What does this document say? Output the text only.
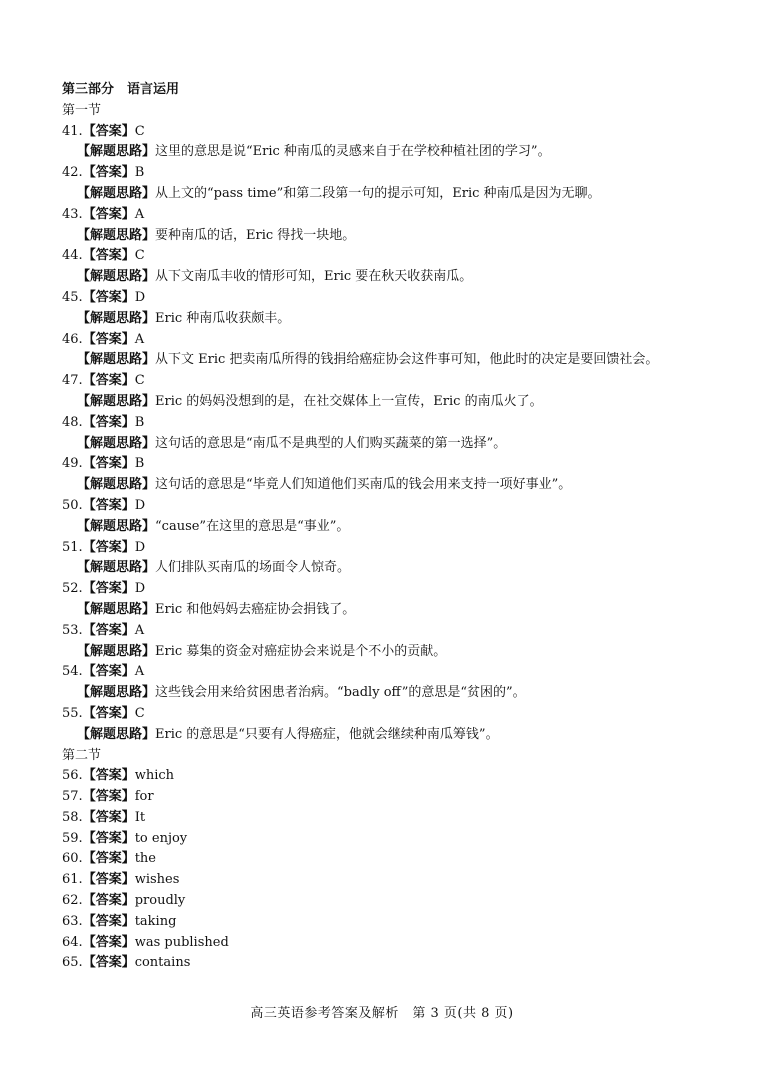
第三部分　语言运用
第一节
41.【答案】C
【解题思路】这里的意思是说“Eric 种南瓜的灵感来自于在学校种植社团的学习”。
42.【答案】B
【解题思路】从上文的“pass time”和第二段第一句的提示可知，Eric 种南瓜是因为无聊。
43.【答案】A
【解题思路】要种南瓜的话，Eric 得找一块地。
44.【答案】C
【解题思路】从下文南瓜丰收的情形可知，Eric 要在秋天收获南瓜。
45.【答案】D
【解题思路】Eric 种南瓜收获颇丰。
46.【答案】A
【解题思路】从下文 Eric 把卖南瓜所得的钱捐给癌症协会这件事可知，他此时的决定是要回馈社会。
47.【答案】C
【解题思路】Eric 的妈妈没想到的是，在社交媒体上一宣传，Eric 的南瓜火了。
48.【答案】B
【解题思路】这句话的意思是“南瓜不是典型的人们购买蔬菜的第一选择”。
49.【答案】B
【解题思路】这句话的意思是“毕竟人们知道他们买南瓜的钱会用来支持一项好事业”。
50.【答案】D
【解题思路】“cause”在这里的意思是“事业”。
51.【答案】D
【解题思路】人们排队买南瓜的场面令人惊奇。
52.【答案】D
【解题思路】Eric 和他妈妈去癌症协会捐钱了。
53.【答案】A
【解题思路】Eric 募集的资金对癌症协会来说是个不小的贡献。
54.【答案】A
【解题思路】这些钱会用来给贫困患者治病。“badly off”的意思是“贫困的”。
55.【答案】C
【解题思路】Eric 的意思是“只要有人得癌症，他就会继续种南瓜筹钱”。
第二节
56.【答案】which
57.【答案】for
58.【答案】It
59.【答案】to enjoy
60.【答案】the
61.【答案】wishes
62.【答案】proudly
63.【答案】taking
64.【答案】was published
65.【答案】contains
高三英语参考答案及解析　第 3 页(共 8 页)
